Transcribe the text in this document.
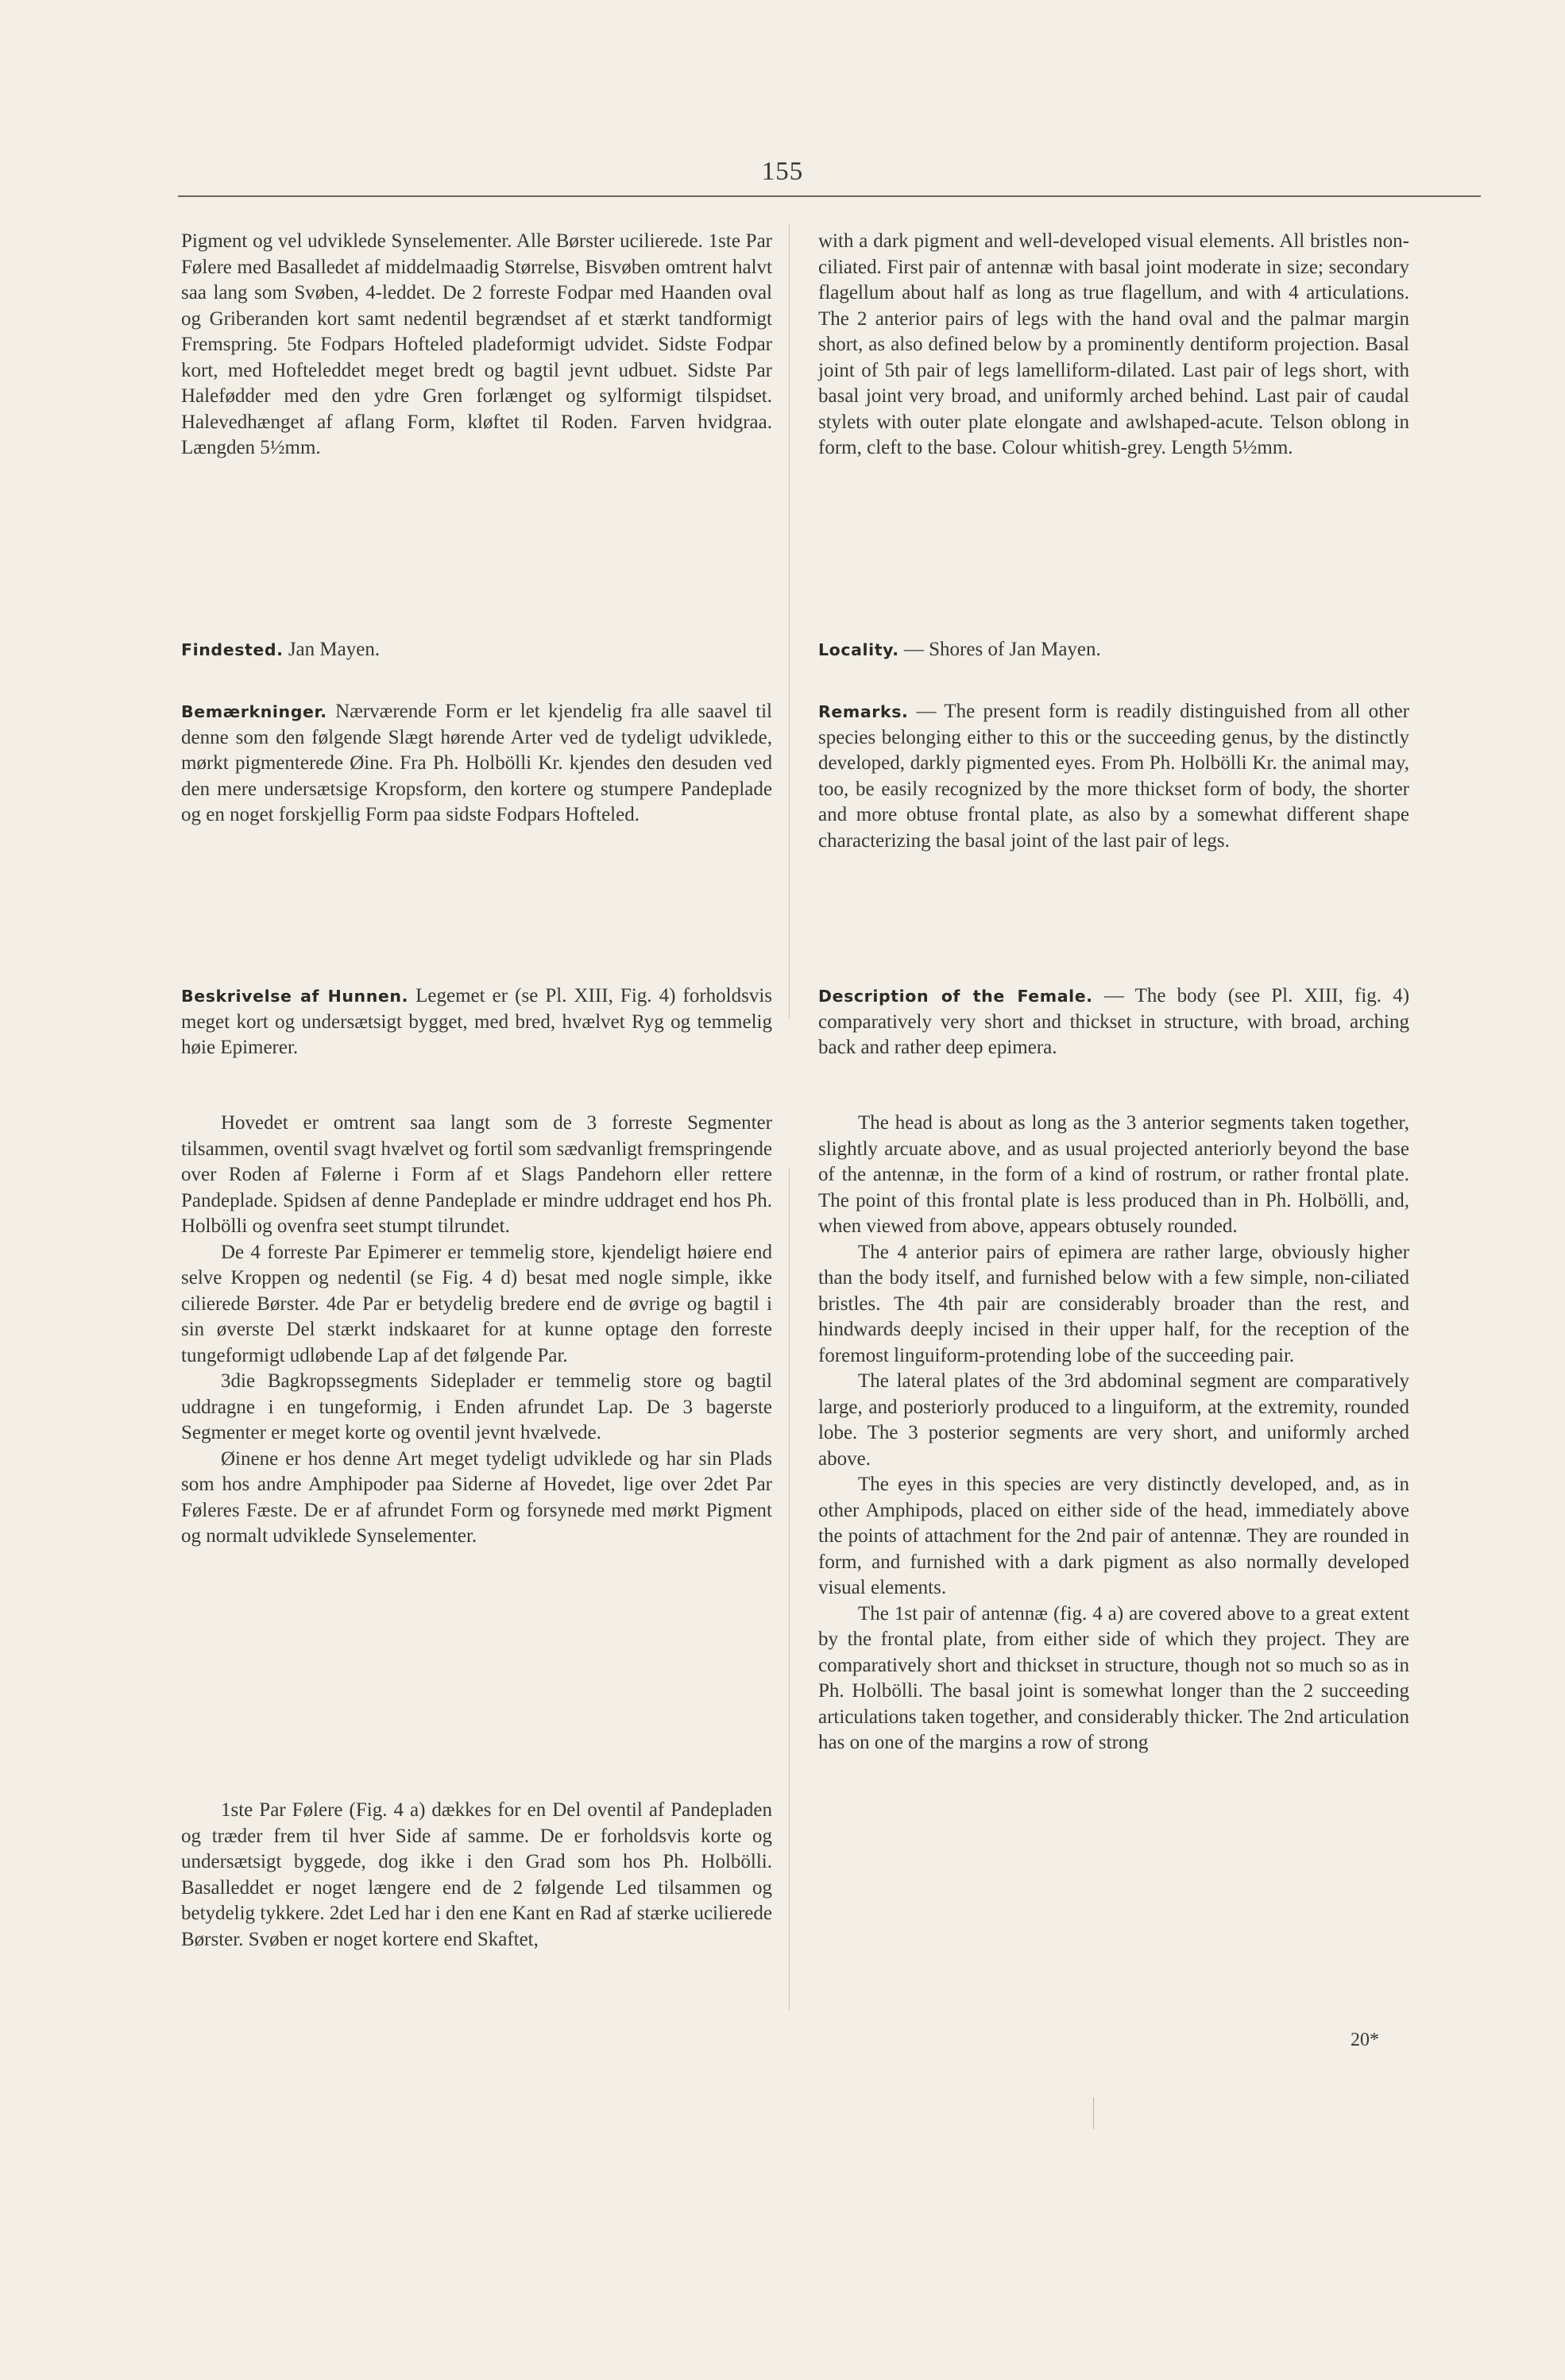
155

Pigment og vel udviklede Synselementer. Alle Børster ucilierede. 1ste Par Følere med Basalledet af middelmaadig Størrelse, Bisvøben omtrent halvt saa lang som Svøben, 4-leddet. De 2 forreste Fodpar med Haanden oval og Griberanden kort samt nedentil begrændset af et stærkt tandformigt Fremspring. 5te Fodpars Hofteled pladeformigt udvidet. Sidste Fodpar kort, med Hofteleddet meget bredt og bagtil jevnt udbuet. Sidste Par Halefødder med den ydre Gren forlænget og sylformigt tilspidset. Halevedhænget af aflang Form, kløftet til Roden. Farven hvidgraa. Længden 5½mm.

Findested. Jan Mayen.

Bemærkninger. Nærværende Form er let kjendelig fra alle saavel til denne som den følgende Slægt hørende Arter ved de tydeligt udviklede, mørkt pigmenterede Øine. Fra Ph. Holbölli Kr. kjendes den desuden ved den mere undersætsige Kropsform, den kortere og stumpere Pandeplade og en noget forskjellig Form paa sidste Fodpars Hofteled.

Beskrivelse af Hunnen. Legemet er (se Pl. XIII, Fig. 4) forholdsvis meget kort og undersætsigt bygget, med bred, hvælvet Ryg og temmelig høie Epimerer.

Hovedet er omtrent saa langt som de 3 forreste Segmenter tilsammen, oventil svagt hvælvet og fortil som sædvanligt fremspringende over Roden af Følerne i Form af et Slags Pandehorn eller rettere Pandeplade. Spidsen af denne Pandeplade er mindre uddraget end hos Ph. Holbölli og ovenfra seet stumpt tilrundet.

De 4 forreste Par Epimerer er temmelig store, kjendeligt høiere end selve Kroppen og nedentil (se Fig. 4 d) besat med nogle simple, ikke cilierede Børster. 4de Par er betydelig bredere end de øvrige og bagtil i sin øverste Del stærkt indskaaret for at kunne optage den forreste tungeformigt udløbende Lap af det følgende Par.

3die Bagkropssegments Sideplader er temmelig store og bagtil uddragne i en tungeformig, i Enden afrundet Lap. De 3 bagerste Segmenter er meget korte og oventil jevnt hvælvede.

Øinene er hos denne Art meget tydeligt udviklede og har sin Plads som hos andre Amphipoder paa Siderne af Hovedet, lige over 2det Par Føleres Fæste. De er af afrundet Form og forsynede med mørkt Pigment og normalt udviklede Synselementer.

1ste Par Følere (Fig. 4 a) dækkes for en Del oventil af Pandepladen og træder frem til hver Side af samme. De er forholdsvis korte og undersætsigt byggede, dog ikke i den Grad som hos Ph. Holbölli. Basalleddet er noget længere end de 2 følgende Led tilsammen og betydelig tykkere. 2det Led har i den ene Kant en Rad af stærke ucilierede Børster. Svøben er noget kortere end Skaftet,

with a dark pigment and well-developed visual elements. All bristles non-ciliated. First pair of antennæ with basal joint moderate in size; secondary flagellum about half as long as true flagellum, and with 4 articulations. The 2 anterior pairs of legs with the hand oval and the palmar margin short, as also defined below by a prominently dentiform projection. Basal joint of 5th pair of legs lamelliform-dilated. Last pair of legs short, with basal joint very broad, and uniformly arched behind. Last pair of caudal stylets with outer plate elongate and awlshaped-acute. Telson oblong in form, cleft to the base. Colour whitish-grey. Length 5½mm.

Locality. — Shores of Jan Mayen.

Remarks. — The present form is readily distinguished from all other species belonging either to this or the succeeding genus, by the distinctly developed, darkly pigmented eyes. From Ph. Holbölli Kr. the animal may, too, be easily recognized by the more thickset form of body, the shorter and more obtuse frontal plate, as also by a somewhat different shape characterizing the basal joint of the last pair of legs.

Description of the Female. — The body (see Pl. XIII, fig. 4) comparatively very short and thickset in structure, with broad, arching back and rather deep epimera.

The head is about as long as the 3 anterior segments taken together, slightly arcuate above, and as usual projected anteriorly beyond the base of the antennæ, in the form of a kind of rostrum, or rather frontal plate. The point of this frontal plate is less produced than in Ph. Holbölli, and, when viewed from above, appears obtusely rounded.

The 4 anterior pairs of epimera are rather large, obviously higher than the body itself, and furnished below with a few simple, non-ciliated bristles. The 4th pair are considerably broader than the rest, and hindwards deeply incised in their upper half, for the reception of the foremost linguiform-protending lobe of the succeeding pair.

The lateral plates of the 3rd abdominal segment are comparatively large, and posteriorly produced to a linguiform, at the extremity, rounded lobe. The 3 posterior segments are very short, and uniformly arched above.

The eyes in this species are very distinctly developed, and, as in other Amphipods, placed on either side of the head, immediately above the points of attachment for the 2nd pair of antennæ. They are rounded in form, and furnished with a dark pigment as also normally developed visual elements.

The 1st pair of antennæ (fig. 4 a) are covered above to a great extent by the frontal plate, from either side of which they project. They are comparatively short and thickset in structure, though not so much so as in Ph. Holbölli. The basal joint is somewhat longer than the 2 succeeding articulations taken together, and considerably thicker. The 2nd articulation has on one of the margins a row of strong

20*
